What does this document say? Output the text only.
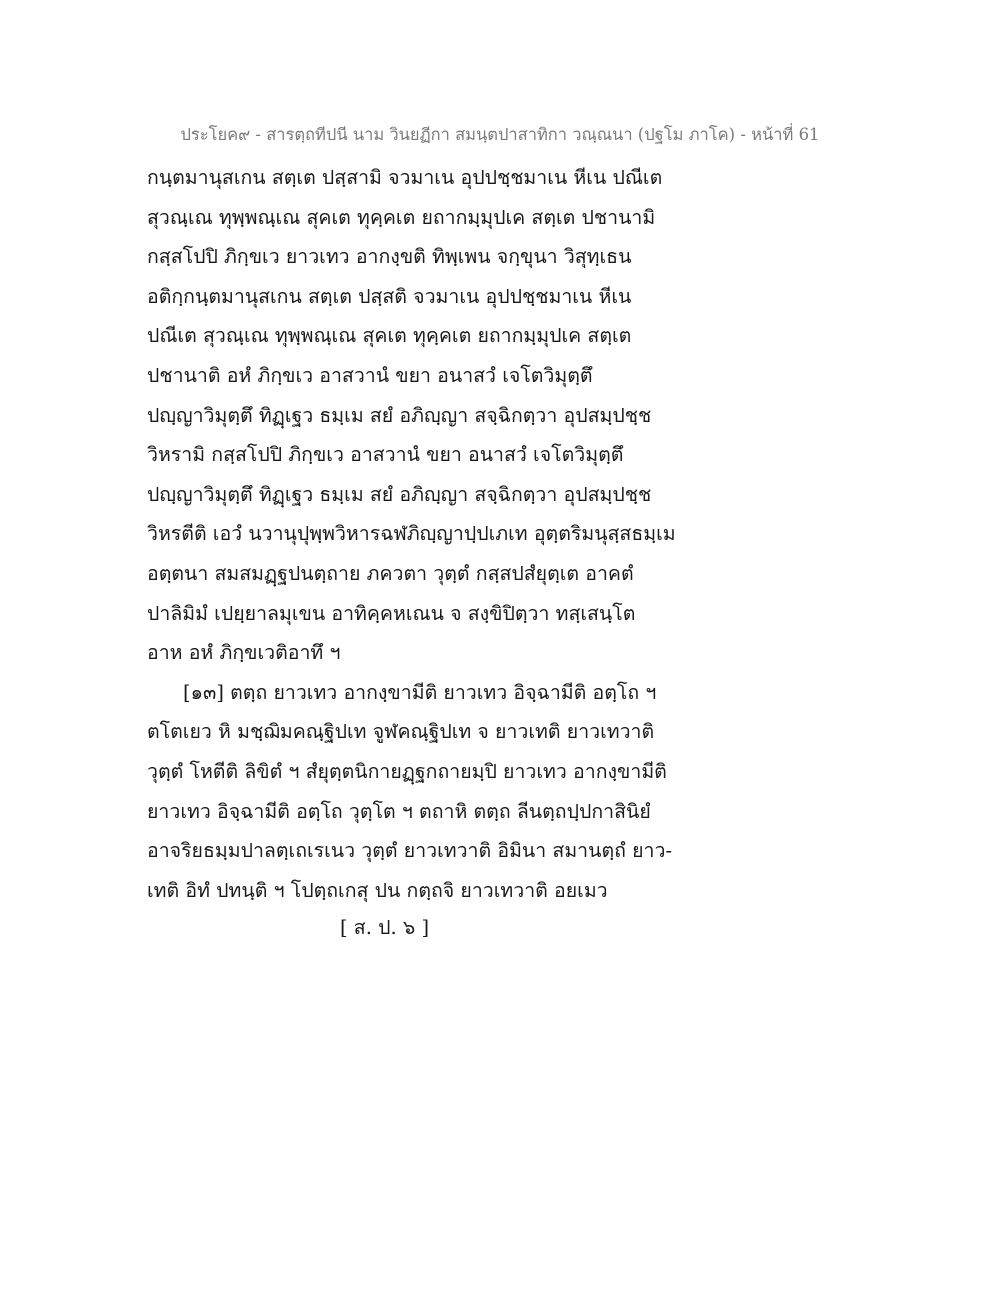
ประโยค๙ - สารตฺถทีปนี นาม วินยฏีกา สมนฺตปาสาทิกา วณฺณนา (ปฐโม ภาโค) - หน้าที่ 61
กนฺตมานุสเกน สตฺเต ปสฺสามิ จวมาเน อุปปชฺชมาเน หีเน ปณีเต
สุวณฺเณ ทุพฺพณฺเณ สุคเต ทุคฺคเต ยถากมฺมุปเค สตฺเต ปชานามิ
กสฺสโปปิ ภิกฺขเว ยาวเทว อากงฺขติ ทิพฺเพน จกฺขุนา วิสุทฺเธน
อติกฺกนฺตมานุสเกน สตฺเต ปสฺสติ จวมาเน อุปปชฺชมาเน หีเน
ปณีเต สุวณฺเณ ทุพฺพณฺเณ สุคเต ทุคฺคเต ยถากมฺมุปเค สตฺเต
ปชานาติ อหํ ภิกฺขเว อาสวานํ ขยา อนาสวํ เจโตวิมุตฺตึ
ปญฺญาวิมุตฺตึ ทิฏฺเฐว ธมฺเม สยํ อภิญฺญา สจฺฉิกตฺวา อุปสมฺปชฺช
วิหรามิ กสฺสโปปิ ภิกฺขเว อาสวานํ ขยา อนาสวํ เจโตวิมุตฺตึ
ปญฺญาวิมุตฺตึ ทิฏฺเฐว ธมฺเม สยํ อภิญฺญา สจฺฉิกตฺวา อุปสมฺปชฺช
วิหรตีติ เอวํ นวานุปุพฺพวิหารฉฬภิญฺญาปฺปเภเท อุตฺตริมนุสฺสธมฺเม
อตฺตนา สมสมฏฺฐปนตฺถาย ภควตา วุตฺตํ กสฺสปสํยุตฺเต อาคตํ
ปาลิมิมํ เปยฺยาลมุเขน อาทิคฺคหเณน จ สงฺขิปิตฺวา ทสฺเสนฺโต
อาห อหํ ภิกฺขเวติอาทึ ฯ
[๑๓] ตตฺถ ยาวเทว อากงฺขามีติ ยาวเทว อิจฺฉามีติ อตฺโถ ฯ
ตโตเยว หิ มชฺฌิมคณฺฐิปเท จูฬคณฺฐิปเท จ ยาวเทติ ยาวเทวาติ
วุตฺตํ โหตีติ ลิขิตํ ฯ สํยุตฺตนิกายฏฺฐกถายมฺปิ ยาวเทว อากงฺขามีติ
ยาวเทว อิจฺฉามีติ อตฺโถ วุตฺโต ฯ ตถาหิ ตตฺถ ลีนตฺถปฺปกาสินิยํ
อาจริยธมฺมปาลตฺเถเรเนว วุตฺตํ ยาวเทวาติ อิมินา สมานตฺถํ ยาว-
เทติ อิทํ ปทนฺติ ฯ โปตฺถเกสุ ปน กตฺถจิ ยาวเทวาติ อยเมว
[ ส. ป. ๖ ]
